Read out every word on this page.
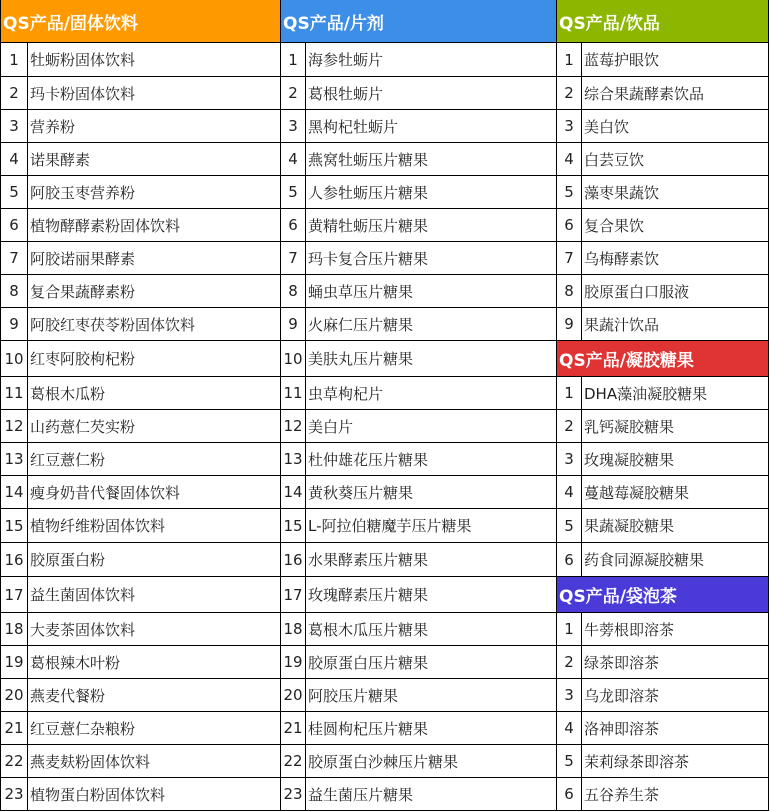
QS产品/固体饮料
1 牡蛎粉固体饮料
2 玛卡粉固体饮料
3 营养粉
4 诺果酵素
5 阿胶玉枣营养粉
6 植物酵酵素粉固体饮料
7 阿胶诺丽果酵素
8 复合果蔬酵素粉
9 阿胶红枣茯苓粉固体饮料
10 红枣阿胶枸杞粉
11 葛根木瓜粉
12 山药薏仁芡实粉
13 红豆薏仁粉
14 瘦身奶昔代餐固体饮料
15 植物纤维粉固体饮料
16 胶原蛋白粉
17 益生菌固体饮料
18 大麦茶固体饮料
19 葛根辣木叶粉
20 燕麦代餐粉
21 红豆薏仁杂粮粉
22 燕麦麸粉固体饮料
23 植物蛋白粉固体饮料
QS产品/片剂
1 海参牡蛎片
2 葛根牡蛎片
3 黑枸杞牡蛎片
4 燕窝牡蛎压片糖果
5 人参牡蛎压片糖果
6 黄精牡蛎压片糖果
7 玛卡复合压片糖果
8 蛹虫草压片糖果
9 火麻仁压片糖果
10 美肤丸压片糖果
11 虫草枸杞片
12 美白片
13 杜仲雄花压片糖果
14 黄秋葵压片糖果
15 L-阿拉伯糖魔芋压片糖果
16 水果酵素压片糖果
17 玫瑰酵素压片糖果
18 葛根木瓜压片糖果
19 胶原蛋白压片糖果
20 阿胶压片糖果
21 桂圆枸杞压片糖果
22 胶原蛋白沙棘压片糖果
23 益生菌压片糖果
QS产品/饮品
1 蓝莓护眼饮
2 综合果蔬酵素饮品
3 美白饮
4 白芸豆饮
5 藻枣果蔬饮
6 复合果饮
7 乌梅酵素饮
8 胶原蛋白口服液
9 果蔬汁饮品
QS产品/凝胶糖果
1 DHA藻油凝胶糖果
2 乳钙凝胶糖果
3 玫瑰凝胶糖果
4 蔓越莓凝胶糖果
5 果蔬凝胶糖果
6 药食同源凝胶糖果
QS产品/袋泡茶
1 牛蒡根即溶茶
2 绿茶即溶茶
3 乌龙即溶茶
4 洛神即溶茶
5 茉莉绿茶即溶茶
6 五谷养生茶
